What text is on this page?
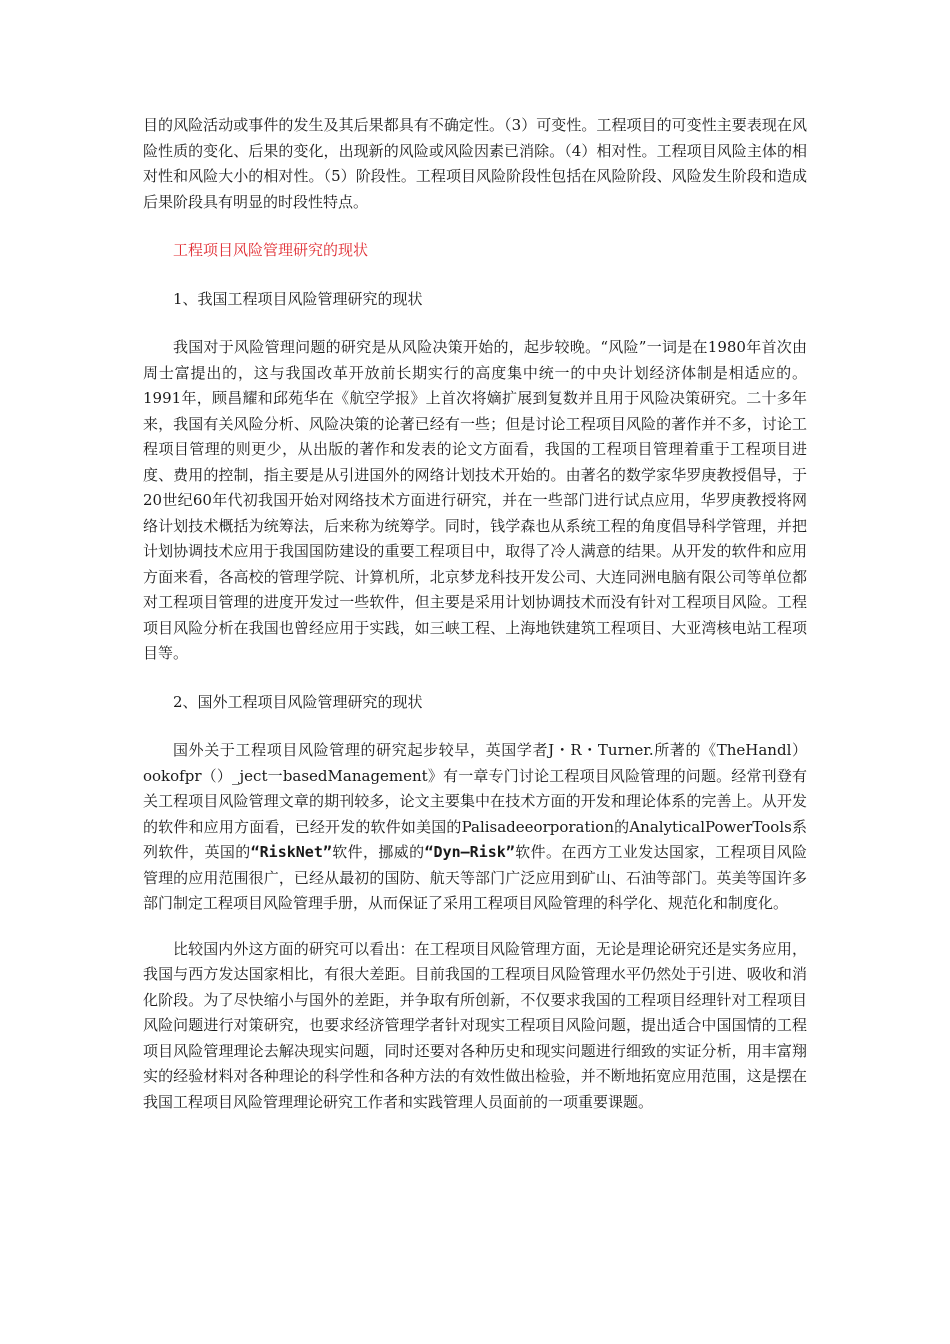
目的风险活动或事件的发生及其后果都具有不确定性。（3）可变性。工程项目的可变性主要表现在风险性质的变化、后果的变化，出现新的风险或风险因素已消除。（4）相对性。工程项目风险主体的相对性和风险大小的相对性。（5）阶段性。工程项目风险阶段性包括在风险阶段、风险发生阶段和造成后果阶段具有明显的时段性特点。

工程项目风险管理研究的现状

1、我国工程项目风险管理研究的现状

我国对于风险管理问题的研究是从风险决策开始的，起步较晚。“风险”一词是在1980年首次由周士富提出的，这与我国改革开放前长期实行的高度集中统一的中央计划经济体制是相适应的。1991年，顾昌耀和邱苑华在《航空学报》上首次将嫡扩展到复数并且用于风险决策研究。二十多年来，我国有关风险分析、风险决策的论著已经有一些；但是讨论工程项目风险的著作并不多，讨论工程项目管理的则更少，从出版的著作和发表的论文方面看，我国的工程项目管理着重于工程项目进度、费用的控制，指主要是从引进国外的网络计划技术开始的。由著名的数学家华罗庚教授倡导，于20世纪60年代初我国开始对网络技术方面进行研究，并在一些部门进行试点应用，华罗庚教授将网络计划技术概括为统筹法，后来称为统筹学。同时，钱学森也从系统工程的角度倡导科学管理，并把计划协调技术应用于我国国防建设的重要工程项目中，取得了冷人满意的结果。从开发的软件和应用方面来看，各高校的管理学院、计算机所，北京梦龙科技开发公司、大连同洲电脑有限公司等单位都对工程项目管理的进度开发过一些软件，但主要是采用计划协调技术而没有针对工程项目风险。工程项目风险分析在我国也曾经应用于实践，如三峡工程、上海地铁建筑工程项目、大亚湾核电站工程项目等。

2、国外工程项目风险管理研究的现状

国外关于工程项目风险管理的研究起步较早，英国学者J・R・Turner.所著的《TheHandl）ookofpr（）_ject一basedManagement》有一章专门讨论工程项目风险管理的问题。经常刊登有关工程项目风险管理文章的期刊较多，论文主要集中在技术方面的开发和理论体系的完善上。从开发的软件和应用方面看，已经开发的软件如美国的Palisadeeorporation的AnalyticalPowerTools系列软件，英国的“RiskNet”软件，挪威的“Dyn—Risk”软件。在西方工业发达国家，工程项目风险管理的应用范围很广，已经从最初的国防、航天等部门广泛应用到矿山、石油等部门。英美等国许多部门制定工程项目风险管理手册，从而保证了采用工程项目风险管理的科学化、规范化和制度化。

比较国内外这方面的研究可以看出：在工程项目风险管理方面，无论是理论研究还是实务应用，我国与西方发达国家相比，有很大差距。目前我国的工程项目风险管理水平仍然处于引进、吸收和消化阶段。为了尽快缩小与国外的差距，并争取有所创新，不仅要求我国的工程项目经理针对工程项目风险问题进行对策研究，也要求经济管理学者针对现实工程项目风险问题，提出适合中国国情的工程项目风险管理理论去解决现实问题，同时还要对各种历史和现实问题进行细致的实证分析，用丰富翔实的经验材料对各种理论的科学性和各种方法的有效性做出检验，并不断地拓宽应用范围，这是摆在我国工程项目风险管理理论研究工作者和实践管理人员面前的一项重要课题。
